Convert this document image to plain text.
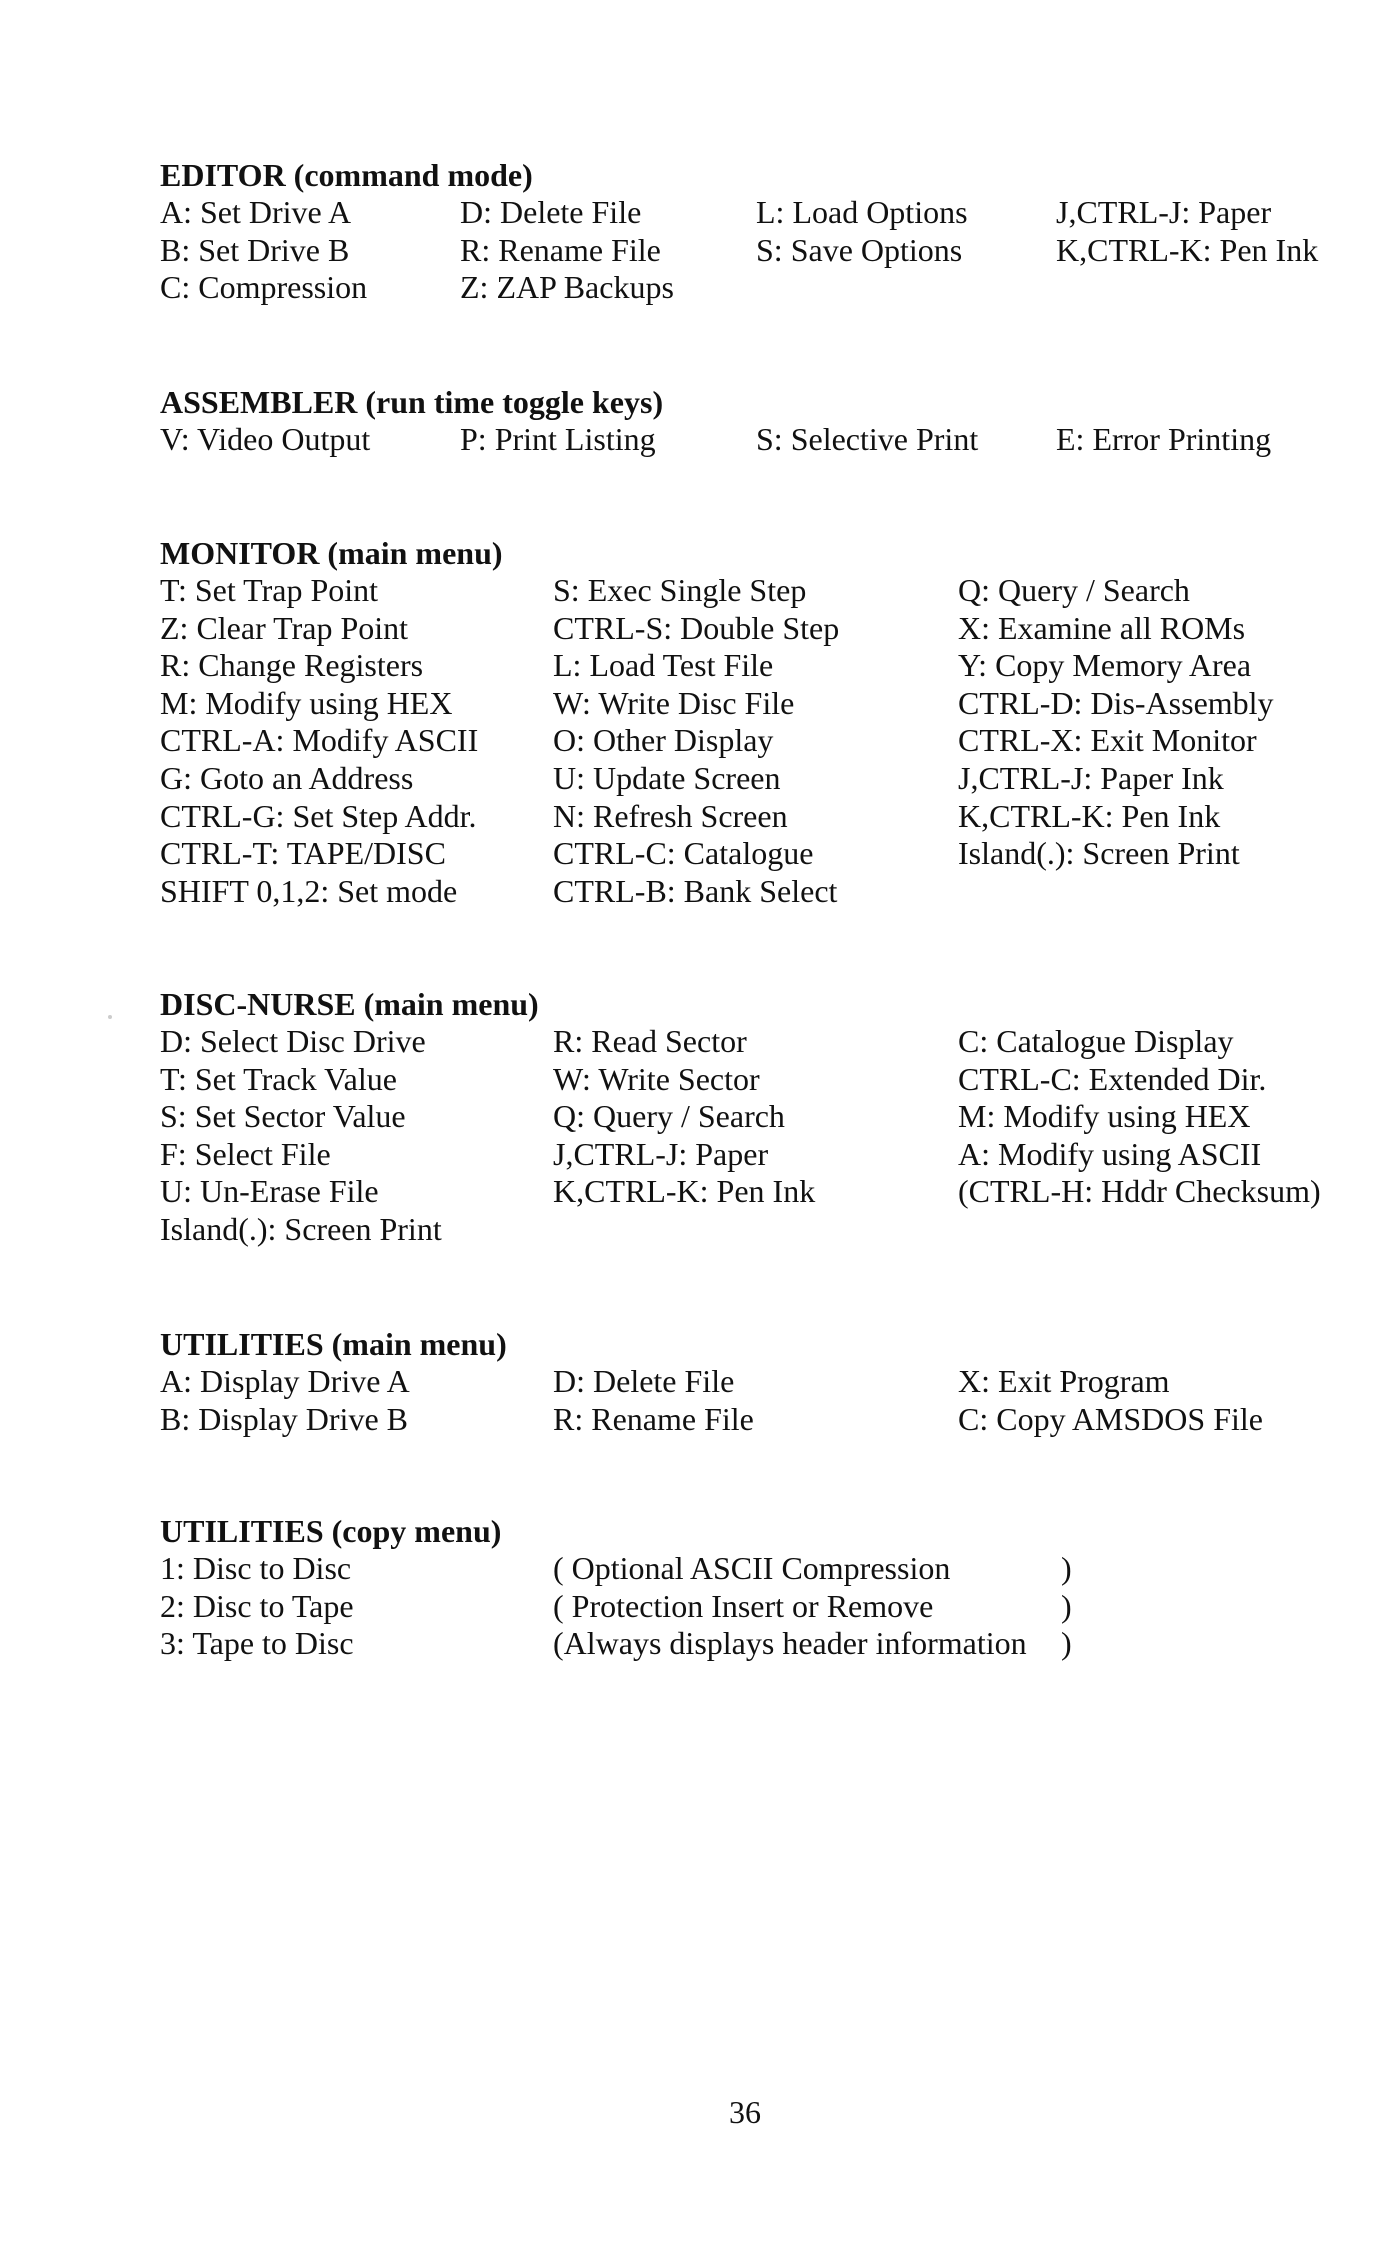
EDITOR (command mode)
A: Set Drive A
B: Set Drive B
C: Compression
D: Delete File
R: Rename File
Z: ZAP Backups
L: Load Options
S: Save Options
J,CTRL-J: Paper
K,CTRL-K: Pen Ink
ASSEMBLER (run time toggle keys)
V: Video Output	P: Print Listing	S: Selective Print E: Error Printing
MONITOR (main menu)
T: Set Trap Point
Z: Clear Trap Point
R: Change Registers
M: Modify using HEX
CTRL-A: Modify ASCII
G: Goto an Address
CTRL-G: Set Step Addr.
CTRL-T: TAPE/DISC
SHIFT 0,1,2: Set mode
S: Exec Single Step
CTRL-S: Double Step
L: Load Test File
W: Write Disc File
O: Other Display
U: Update Screen
N: Refresh Screen
CTRL-C: Catalogue
CTRL-B: Bank Select
Q: Query / Search
X: Examine all ROMs
Y: Copy Memory Area
CTRL-D: Dis-Assembly
CTRL-X: Exit Monitor
J,CTRL-J: Paper Ink
K,CTRL-K: Pen Ink
Island(.): Screen Print
DISC-NURSE (main menu)
D: Select Disc Drive
T: Set Track Value
S: Set Sector Value
F: Select File
U: Un-Erase File
Island(.): Screen Print
R: Read Sector
W: Write Sector
Q: Query / Search
J,CTRL-J: Paper
K,CTRL-K: Pen Ink
C: Catalogue Display
CTRL-C: Extended Dir.
M: Modify using HEX
A: Modify using ASCII
(CTRL-H: Hddr Checksum)
UTILITIES (main menu)
A: Display Drive A
B: Display Drive B
D: Delete File
R: Rename File
X: Exit Program
C: Copy AMSDOS File
UTILITIES (copy menu)
1: Disc to Disc
2: Disc to Tape
3: Tape to Disc
( Optional ASCII Compression
( Protection Insert or Remove
(Always displays header information
)
)
)
36
